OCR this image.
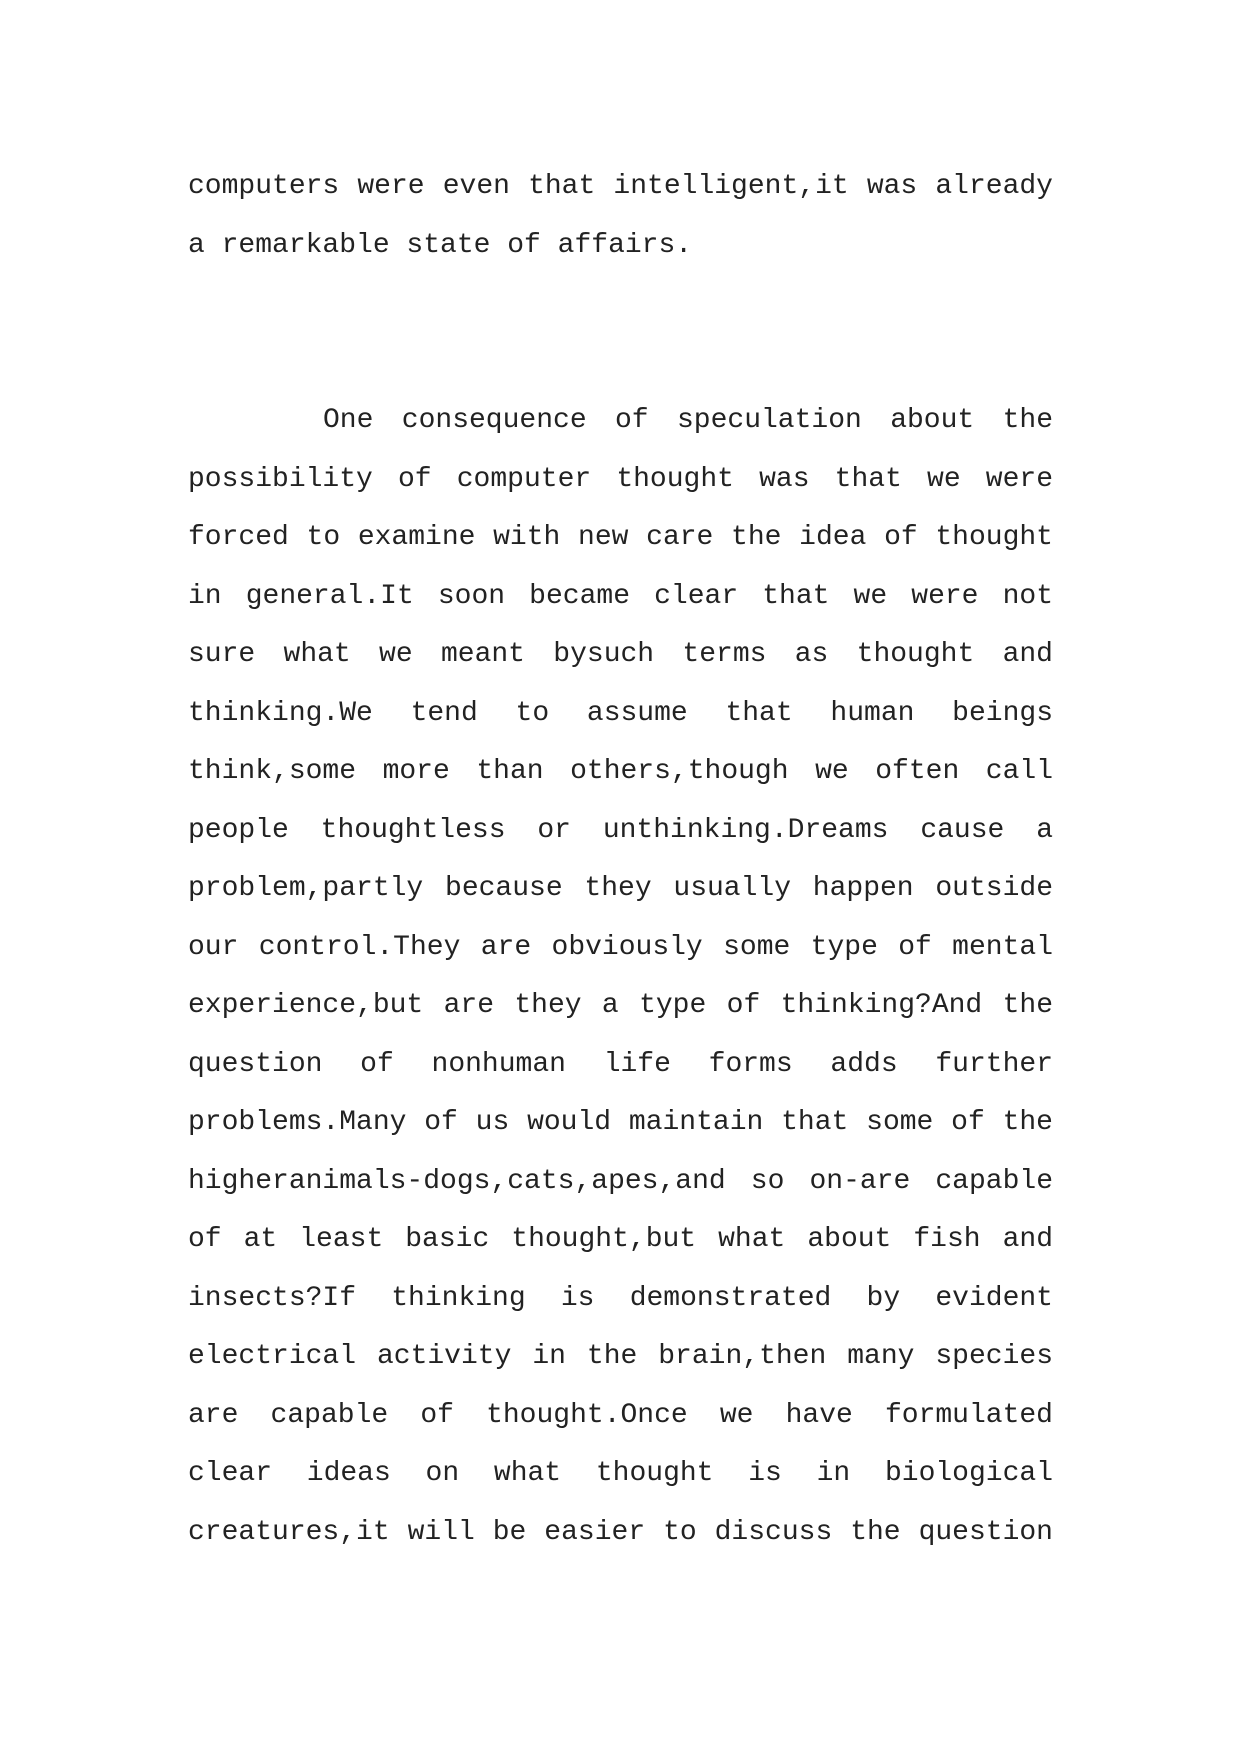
computers were even that intelligent,it was already
a remarkable state of affairs.
One consequence of speculation about the
possibility of computer thought was that we were
forced to examine with new care the idea of thought
in general.It soon became clear that we were not
sure what we meant bysuch terms as thought and
thinking.We tend to assume that human beings
think,some more than others,though we often call
people thoughtless or unthinking.Dreams cause a
problem,partly because they usually happen outside
our control.They are obviously some type of mental
experience,but are they a type of thinking?And the
question of nonhuman life forms adds further
problems.Many of us would maintain that some of the
higheranimals-dogs,cats,apes,and so on-are capable
of at least basic thought,but what about fish and
insects?If thinking is demonstrated by evident
electrical activity in the brain,then many species
are capable of thought.Once we have formulated
clear ideas on what thought is in biological
creatures,it will be easier to discuss the question
